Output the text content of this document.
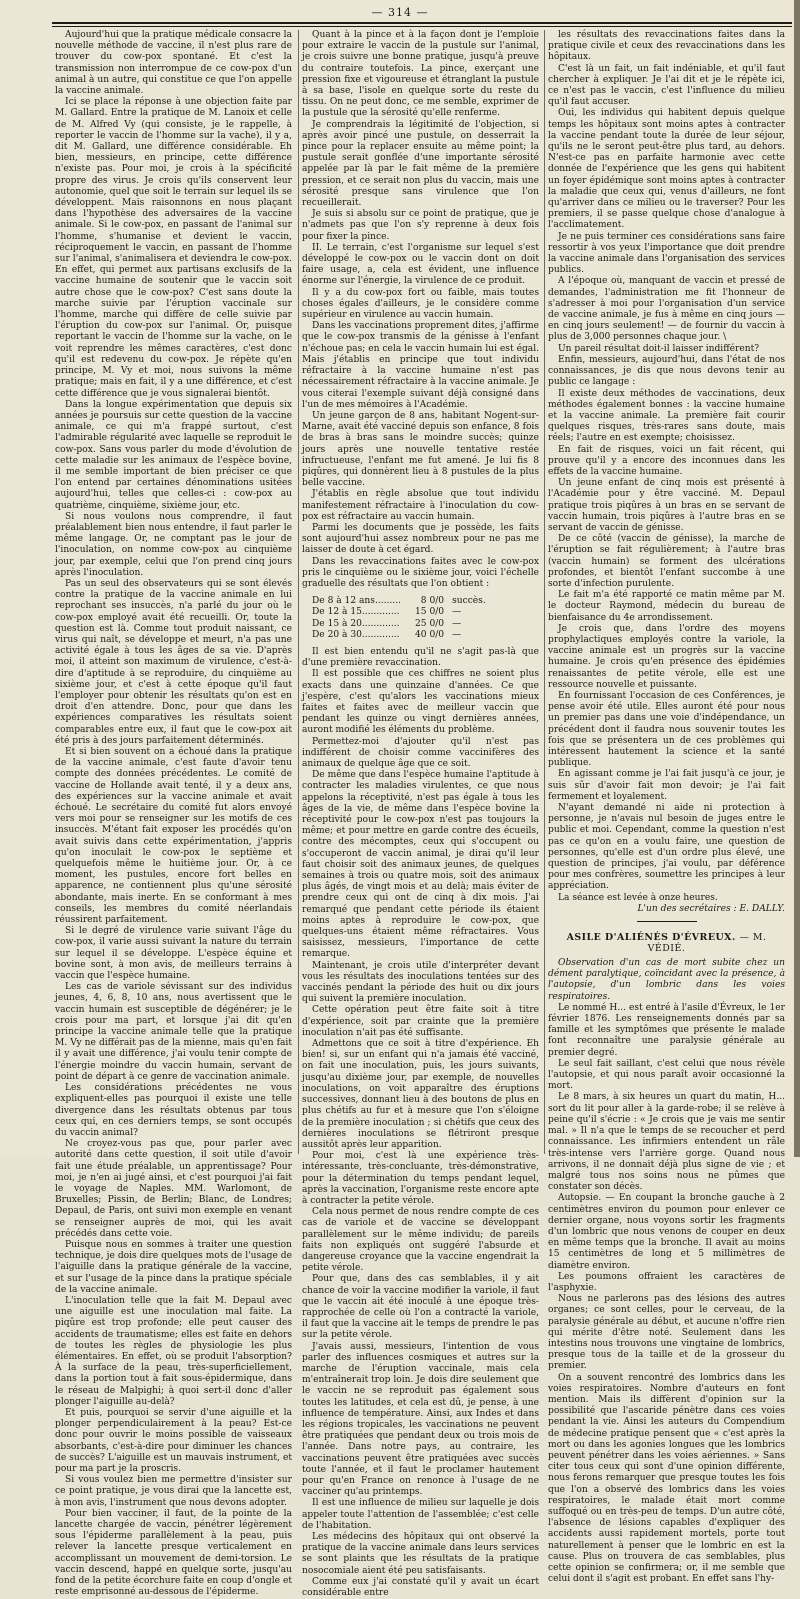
— 314 —

Aujourd'hui que la pratique médicale consacre la nouvelle méthode de vaccine, il n'est plus rare de trouver du cow-pox spontané. Et c'est la transmission non interrompue de ce cow-pox d'un animal à un autre, qui constitue ce que l'on appelle la vaccine animale.

Ici se place la réponse à une objection faite par M. Gallard. Entre la pratique de M. Lanoix et celle de M. Alfred Vy (qui consiste, je le rappelle, à reporter le vaccin de l'homme sur la vache), il y a, dit M. Gallard, une différence considérable. Eh bien, messieurs, en principe, cette différence n'existe pas. Pour moi, je crois à la spécificité propre des virus. Je crois qu'ils conservent leur autonomie, quel que soit le terrain sur lequel ils se développent. Mais raisonnons en nous plaçant dans l'hypothèse des adversaires de la vaccine animale. Si le cow-pox, en passant de l'animal sur l'homme, s'humanise et devient le vaccin, réciproquement le vaccin, en passant de l'homme sur l'animal, s'animalisera et deviendra le cow-pox. En effet, qui permet aux partisans exclusifs de la vaccine humaine de soutenir que le vaccin soit autre chose que le cow-pox? C'est sans doute la marche suivie par l'éruption vaccinale sur l'homme, marche qui diffère de celle suivie par l'éruption du cow-pox sur l'animal. Or, puisque reportant le vaccin de l'homme sur la vache, on le voit reprendre les mêmes caractères, c'est donc qu'il est redevenu du cow-pox. Je répète qu'en principe, M. Vy et moi, nous suivons la même pratique; mais en fait, il y a une différence, et c'est cette différence que je vous signalerai bientôt.

Dans la longue expérimentation que depuis six années je poursuis sur cette question de la vaccine animale, ce qui m'a frappé surtout, c'est l'admirable régularité avec laquelle se reproduit le cow-pox. Sans vous parler du mode d'évolution de cette maladie sur les animaux de l'espèce bovine, il me semble important de bien préciser ce que l'on entend par certaines dénominations usitées aujourd'hui, telles que celles-ci : cow-pox au quatrième, cinquième, sixième jour, etc.

Si nous voulons nous comprendre, il faut préalablement bien nous entendre, il faut parler le même langage. Or, ne comptant pas le jour de l'inoculation, on nomme cow-pox au cinquième jour, par exemple, celui que l'on prend cinq jours après l'inoculation.

Pas un seul des observateurs qui se sont élevés contre la pratique de la vaccine animale en lui reprochant ses insuccès, n'a parlé du jour où le cow-pox employé avait été recueilli. Or, toute la question est là. Comme tout produit naissant, ce virus qui naît, se développe et meurt, n'a pas une activité égale à tous les âges de sa vie. D'après moi, il atteint son maximum de virulence, c'est-à-dire d'aptitude à se reproduire, du cinquième au sixième jour, et c'est à cette époque qu'il faut l'employer pour obtenir les résultats qu'on est en droit d'en attendre. Donc, pour que dans les expériences comparatives les résultats soient comparables entre eux, il faut que le cow-pox ait été pris à des jours parfaitement déterminés.

Et si bien souvent on a échoué dans la pratique de la vaccine animale, c'est faute d'avoir tenu compte des données précédentes. Le comité de vaccine de Hollande avait tenté, il y a deux ans, des expériences sur la vaccine animale et avait échoué. Le secrétaire du comité fut alors envoyé vers moi pour se renseigner sur les motifs de ces insuccès. M'étant fait exposer les procédés qu'on avait suivis dans cette expérimentation, j'appris qu'on inoculait le cow-pox le septième et quelquefois même le huitième jour. Or, à ce moment, les pustules, encore fort belles en apparence, ne contiennent plus qu'une sérosité abondante, mais inerte. En se conformant à mes conseils, les membres du comité néerlandais réussirent parfaitement.

Si le degré de virulence varie suivant l'âge du cow-pox, il varie aussi suivant la nature du terrain sur lequel il se développe. L'espèce équine et bovine sont, à mon avis, de meilleurs terrains à vaccin que l'espèce humaine.

Les cas de variole sévissant sur des individus jeunes, 4, 6, 8, 10 ans, nous avertissent que le vaccin humain est susceptible de dégénérer; je le crois pour ma part, et lorsque j'ai dit qu'en principe la vaccine animale telle que la pratique M. Vy ne différait pas de la mienne, mais qu'en fait il y avait une différence, j'ai voulu tenir compte de l'énergie moindre du vaccin humain, servant de point de départ à ce genre de vaccination animale.

Les considérations précédentes ne vous expliquent-elles pas pourquoi il existe une telle divergence dans les résultats obtenus par tous ceux qui, en ces derniers temps, se sont occupés du vaccin animal?

Ne croyez-vous pas que, pour parler avec autorité dans cette question, il soit utile d'avoir fait une étude préalable, un apprentissage? Pour moi, je n'en ai jugé ainsi, et c'est pourquoi j'ai fait le voyage de Naples. MM. Warlomont, de Bruxelles; Pissin, de Berlin; Blanc, de Londres; Depaul, de Paris, ont suivi mon exemple en venant se renseigner auprès de moi, qui les avait précédés dans cette voie.

Puisque nous en sommes à traiter une question technique, je dois dire quelques mots de l'usage de l'aiguille dans la pratique générale de la vaccine, et sur l'usage de la pince dans la pratique spéciale de la vaccine animale.

L'inoculation telle que la fait M. Depaul avec une aiguille est une inoculation mal faite. La piqûre est trop profonde; elle peut causer des accidents de traumatisme; elles est faite en dehors de toutes les règles de physiologie les plus élémentaires. En effet, où se produit l'absorption? À la surface de la peau, très-superficiellement, dans la portion tout à fait sous-épidermique, dans le réseau de Malpighi; à quoi sert-il donc d'aller plonger l'aiguille au-delà?

Et puis, pourquoi se servir d'une aiguille et la plonger perpendiculairement à la peau? Est-ce donc pour ouvrir le moins possible de vaisseaux absorbants, c'est-à-dire pour diminuer les chances de succès? L'aiguille est un mauvais instrument, et pour ma part je la proscris.

Si vous voulez bien me permettre d'insister sur ce point pratique, je vous dirai que la lancette est, à mon avis, l'instrument que nous devons adopter.

Pour bien vacciner, il faut, de la pointe de la lancette chargée de vaccin, pénétrer légèrement sous l'épiderme parallèlement à la peau, puis relever la lancette presque verticalement en accomplissant un mouvement de demi-torsion. Le vaccin descend, happé en quelque sorte, jusqu'au fond de la petite écorchure faite en coup d'ongle et reste emprisonné au-dessous de l'épiderme.

Quant à la pince et à la façon dont je l'emploie pour extraire le vaccin de la pustule sur l'animal, je crois suivre une bonne pratique, jusqu'à preuve du contraire toutefois. La pince, exerçant une pression fixe et vigoureuse et étranglant la pustule à sa base, l'isole en quelque sorte du reste du tissu. On ne peut donc, ce me semble, exprimer de la pustule que la sérosité qu'elle renferme.

Je comprendrais la légitimité de l'objection, si après avoir pincé une pustule, on desserrait la pince pour la replacer ensuite au même point; la pustule serait gonflée d'une importante sérosité appelée par là par le fait même de la première pression, et ce serait non plus du vaccin, mais une sérosité presque sans virulence que l'on recueillerait.

Je suis si absolu sur ce point de pratique, que je n'admets pas que l'on s'y reprenne à deux fois pour fixer la pince.

II. Le terrain, c'est l'organisme sur lequel s'est développé le cow-pox ou le vaccin dont on doit faire usage, a, cela est évident, une influence énorme sur l'énergie, la virulence de ce produit.

Il y a du cow-pox fort ou faible, mais toutes choses égales d'ailleurs, je le considère comme supérieur en virulence au vaccin humain.

Dans les vaccinations proprement dites, j'affirme que le cow-pox transmis de la génisse à l'enfant n'échoue pas; en cela le vaccin humain lui est égal. Mais j'établis en principe que tout individu réfractaire à la vaccine humaine n'est pas nécessairement réfractaire à la vaccine animale. Je vous citerai l'exemple suivant déjà consigné dans l'un de mes mémoires à l'Académie.

Un jeune garçon de 8 ans, habitant Nogent-sur-Marne, avait été vacciné depuis son enfance, 8 fois de bras à bras sans le moindre succès; quinze jours après une nouvelle tentative restée infructueuse, l'enfant me fut amené. Je lui fis 8 piqûres, qui donnèrent lieu à 8 pustules de la plus belle vaccine.

J'établis en règle absolue que tout individu manifestement réfractaire à l'inoculation du cow-pox est réfractaire au vaccin humain.

Parmi les documents que je possède, les faits sont aujourd'hui assez nombreux pour ne pas me laisser de doute à cet égard.

Dans les revaccinations faites avec le cow-pox pris le cinquième ou le sixième jour, voici l'échelle graduelle des résultats que l'on obtient :

De 8 à 12 ans.........	8 0/0	succès.
De 12 à 15.............	15 0/0	—
De 15 à 20.............	25 0/0	—
De 20 à 30.............	40 0/0	—

Il est bien entendu qu'il ne s'agit pas-là que d'une première revaccination.

Il est possible que ces chiffres ne soient plus exacts dans une quinzaine d'années. Ce que j'espère, c'est qu'alors les vaccinations mieux faites et faites avec de meilleur vaccin que pendant les quinze ou vingt dernières années, auront modifié les éléments du problème.

Permettez-moi d'ajouter qu'il n'est pas indifférent de choisir comme vaccinifères des animaux de quelque âge que ce soit.

De même que dans l'espèce humaine l'aptitude à contracter les maladies virulentes, ce que nous appelons la réceptivité, n'est pas égale à tous les âges de la vie, de même dans l'espèce bovine la réceptivité pour le cow-pox n'est pas toujours la même; et pour mettre en garde contre des écueils, contre des mécomptes, ceux qui s'occupent ou s'occuperont de vaccin animal, je dirai qu'il leur faut choisir soit des animaux jeunes, de quelques semaines à trois ou quatre mois, soit des animaux plus âgés, de vingt mois et au delà; mais éviter de prendre ceux qui ont de cinq à dix mois. J'ai remarqué que pendant cette période ils étaient moins aptes à reproduire le cow-pox, que quelques-uns étaient même réfractaires. Vous saisissez, messieurs, l'importance de cette remarque.

Maintenant, je crois utile d'interpréter devant vous les résultats des inoculations tentées sur des vaccinés pendant la période des huit ou dix jours qui suivent la première inoculation.

Cette opération peut être faite soit à titre d'expérience, soit par crainte que la première inoculation n'ait pas été suffisante.

Admettons que ce soit à titre d'expérience. Eh bien! si, sur un enfant qui n'a jamais été vacciné, on fait une inoculation, puis, les jours suivants, jusqu'au dixième jour, par exemple, de nouvelles inoculations, on voit apparaître des éruptions successives, donnant lieu à des boutons de plus en plus chétifs au fur et à mesure que l'on s'éloigne de la première inoculation ; si chétifs que ceux des dernières inoculations se flétriront presque aussitôt après leur apparition.

Pour moi, c'est là une expérience très-intéressante, très-concluante, très-démonstrative, pour la détermination du temps pendant lequel, après la vaccination, l'organisme reste encore apte à contracter la petite vérole.

Cela nous permet de nous rendre compte de ces cas de variole et de vaccine se développant parallèlement sur le même individu; de pareils faits non expliqués ont suggéré l'absurde et dangereuse croyance que la vaccine engendrait la petite vérole.

Pour que, dans des cas semblables, il y ait chance de voir la vaccine modifier la variole, il faut que le vaccin ait été inoculé à une époque très-rapprochée de celle où l'on a contracté la variole, il faut que la vaccine ait le temps de prendre le pas sur la petite vérole.

J'avais aussi, messieurs, l'intention de vous parler des influences cosmiques et autres sur la marche de l'éruption vaccinale, mais cela m'entraînerait trop loin. Je dois dire seulement que le vaccin ne se reproduit pas également sous toutes les latitudes, et cela est dû, je pense, à une influence de température. Ainsi, aux Indes et dans les régions tropicales, les vaccinations ne peuvent être pratiquées que pendant deux ou trois mois de l'année. Dans notre pays, au contraire, les vaccinations peuvent être pratiquées avec succès toute l'année, et il faut le proclamer hautement pour qu'en France on renonce à l'usage de ne vacciner qu'au printemps.

Il est une influence de milieu sur laquelle je dois appeler toute l'attention de l'assemblée; c'est celle de l'habitation.

Les médecins des hôpitaux qui ont observé la pratique de la vaccine animale dans leurs services se sont plaints que les résultats de la pratique nosocomiale aient été peu satisfaisants.

Comme eux j'ai constaté qu'il y avait un écart considérable entre

les résultats des revaccinations faites dans la pratique civile et ceux des revaccinations dans les hôpitaux.

C'est là un fait, un fait indéniable, et qu'il faut chercher à expliquer. Je l'ai dit et je le répète ici, ce n'est pas le vaccin, c'est l'influence du milieu qu'il faut accuser.

Oui, les individus qui habitent depuis quelque temps les hôpitaux sont moins aptes à contracter la vaccine pendant toute la durée de leur séjour, qu'ils ne le seront peut-être plus tard, au dehors. N'est-ce pas en parfaite harmonie avec cette donnée de l'expérience que les gens qui habitent un foyer épidémique sont moins aptes à contracter la maladie que ceux qui, venus d'ailleurs, ne font qu'arriver dans ce milieu ou le traverser? Pour les premiers, il se passe quelque chose d'analogue à l'acclimatement.

Je ne puis terminer ces considérations sans faire ressortir à vos yeux l'importance que doit prendre la vaccine animale dans l'organisation des services publics.

A l'époque où, manquant de vaccin et pressé de demandes, l'administration me fit l'honneur de s'adresser à moi pour l'organisation d'un service de vaccine animale, je fus à même en cinq jours — en cinq jours seulement! — de fournir du vaccin à plus de 3,000 personnes chaque jour. \

Un pareil résultat doit-il laisser indifférent?

Enfin, messieurs, aujourd'hui, dans l'état de nos connaissances, je dis que nous devons tenir au public ce langage :

Il existe deux méthodes de vaccinations, deux méthodes également bonnes : la vaccine humaine et la vaccine animale. La première fait courir quelques risques, très-rares sans doute, mais réels; l'autre en est exempte; choisissez.

En fait de risques, voici un fait récent, qui prouve qu'il y a encore des inconnues dans les effets de la vaccine humaine.

Un jeune enfant de cinq mois est présenté à l'Académie pour y être vacciné. M. Depaul pratique trois piqûres à un bras en se servant de vaccin humain, trois piqûres à l'autre bras en se servant de vaccin de génisse.

De ce côté (vaccin de génisse), la marche de l'éruption se fait régulièrement; à l'autre bras (vaccin humain) se forment des ulcérations profondes, et bientôt l'enfant succombe à une sorte d'infection purulente.

Le fait m'a été rapporté ce matin même par M. le docteur Raymond, médecin du bureau de bienfaisance du 4e arrondissement.

Je crois que, dans l'ordre des moyens prophylactiques employés contre la variole, la vaccine animale est un progrès sur la vaccine humaine. Je crois qu'en présence des épidémies renaissantes de petite vérole, elle est une ressource nouvelle et puissante.

En fournissant l'occasion de ces Conférences, je pense avoir été utile. Elles auront été pour nous un premier pas dans une voie d'indépendance, un précédent dont il faudra nous souvenir toutes les fois que se présentera un de ces problèmes qui intéressent hautement la science et la santé publique.

En agissant comme je l'ai fait jusqu'à ce jour, je suis sûr d'avoir fait mon devoir; je l'ai fait fermement et loyalement.

N'ayant demandé ni aide ni protection à personne, je n'avais nul besoin de juges entre le public et moi. Cependant, comme la question n'est pas ce qu'on en a voulu faire, une question de personnes, qu'elle est d'un ordre plus élevé, une question de principes, j'ai voulu, par déférence pour mes confrères, soumettre les principes à leur appréciation.

La séance est levée à onze heures.

L'un des secrétaires : E. DALLY.

ASILE D'ALIÉNÉS D'ÉVREUX. — M. VÉDIÉ.

Observation d'un cas de mort subite chez un dément paralytique, coïncidant avec la présence, à l'autopsie, d'un lombric dans les voies respiratoires.

Le nommé H... est entré à l'asile d'Évreux, le 1er février 1876. Les renseignements donnés par sa famille et les symptômes que présente le malade font reconnaître une paralysie générale au premier degré.

Le seul fait saillant, c'est celui que nous révèle l'autopsie, et qui nous paraît avoir occasionné la mort.

Le 8 mars, à six heures un quart du matin, H... sort du lit pour aller à la garde-robe; il se relève à peine qu'il s'écrie : « Je crois que je vais me sentir mal. » Il n'a que le temps de se recoucher et perd connaissance. Les infirmiers entendent un râle très-intense vers l'arrière gorge. Quand nous arrivons, il ne donnait déjà plus signe de vie ; et malgré tous nos soins nous ne pûmes que constater son décès.

Autopsie. — En coupant la bronche gauche à 2 centimètres environ du poumon pour enlever ce dernier organe, nous voyons sortir les fragments d'un lombric que nous venons de couper en deux en même temps que la bronche. Il avait au moins 15 centimètres de long et 5 millimètres de diamètre environ.

Les poumons offraient les caractères de l'asphyxie.

Nous ne parlerons pas des lésions des autres organes; ce sont celles, pour le cerveau, de la paralysie générale au début, et aucune n'offre rien qui mérite d'être noté. Seulement dans les intestins nous trouvons une vingtaine de lombrics, presque tous de la taille et de la grosseur du premier.

On a souvent rencontré des lombrics dans les voies respiratoires. Nombre d'auteurs en font mention. Mais ils diffèrent d'opinion sur la possibilité que l'ascaride pénètre dans ces voies pendant la vie. Ainsi les auteurs du Compendium de médecine pratique pensent que « c'est après la mort ou dans les agonies longues que les lombrics peuvent pénétrer dans les voies aériennes. » Sans citer tous ceux qui sont d'une opinion différente, nous ferons remarquer que presque toutes les fois que l'on a observé des lombrics dans les voies respiratoires, le malade était mort comme suffoqué ou en très-peu de temps. D'un autre côté, l'absence de lésions capables d'expliquer des accidents aussi rapidement mortels, porte tout naturellement à penser que le lombric en est la cause. Plus on trouvera de cas semblables, plus cette opinion se confirmera; or, il me semble que celui dont il s'agit est probant. En effet sans l'hy-
